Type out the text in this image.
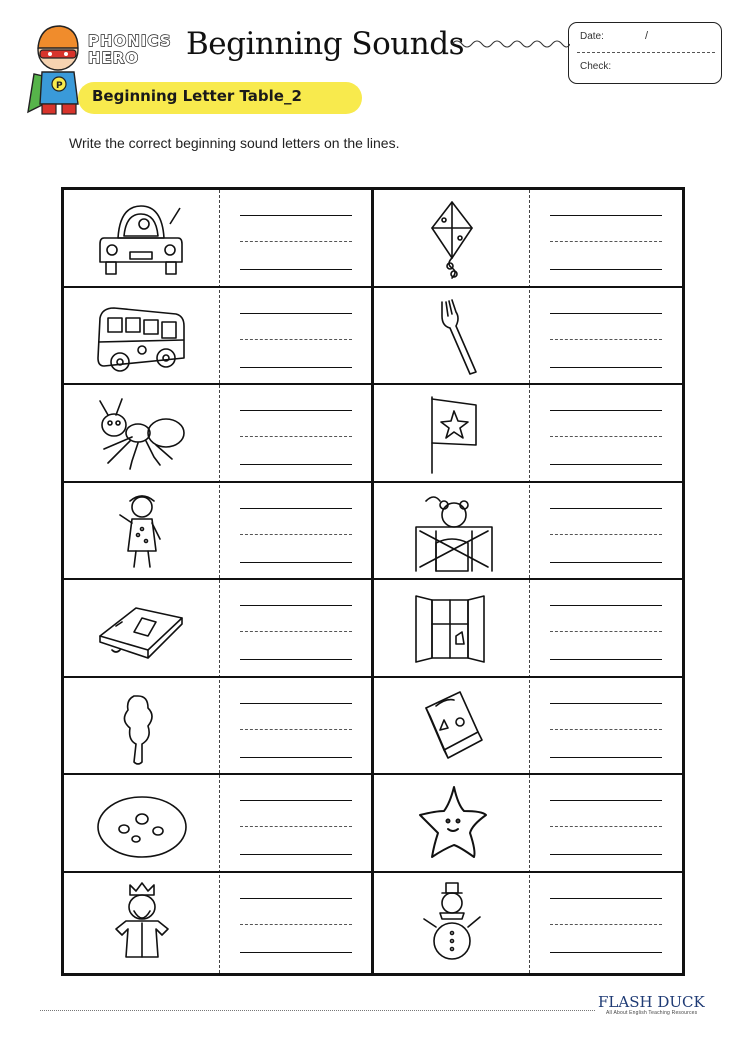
P
PHONICS
HERO Beginning Sounds
Beginning Letter Table_2
Date:	/
Check:
Write the correct beginning sound letters on the lines.
FLASH DUCK
All About English Teaching Resources
